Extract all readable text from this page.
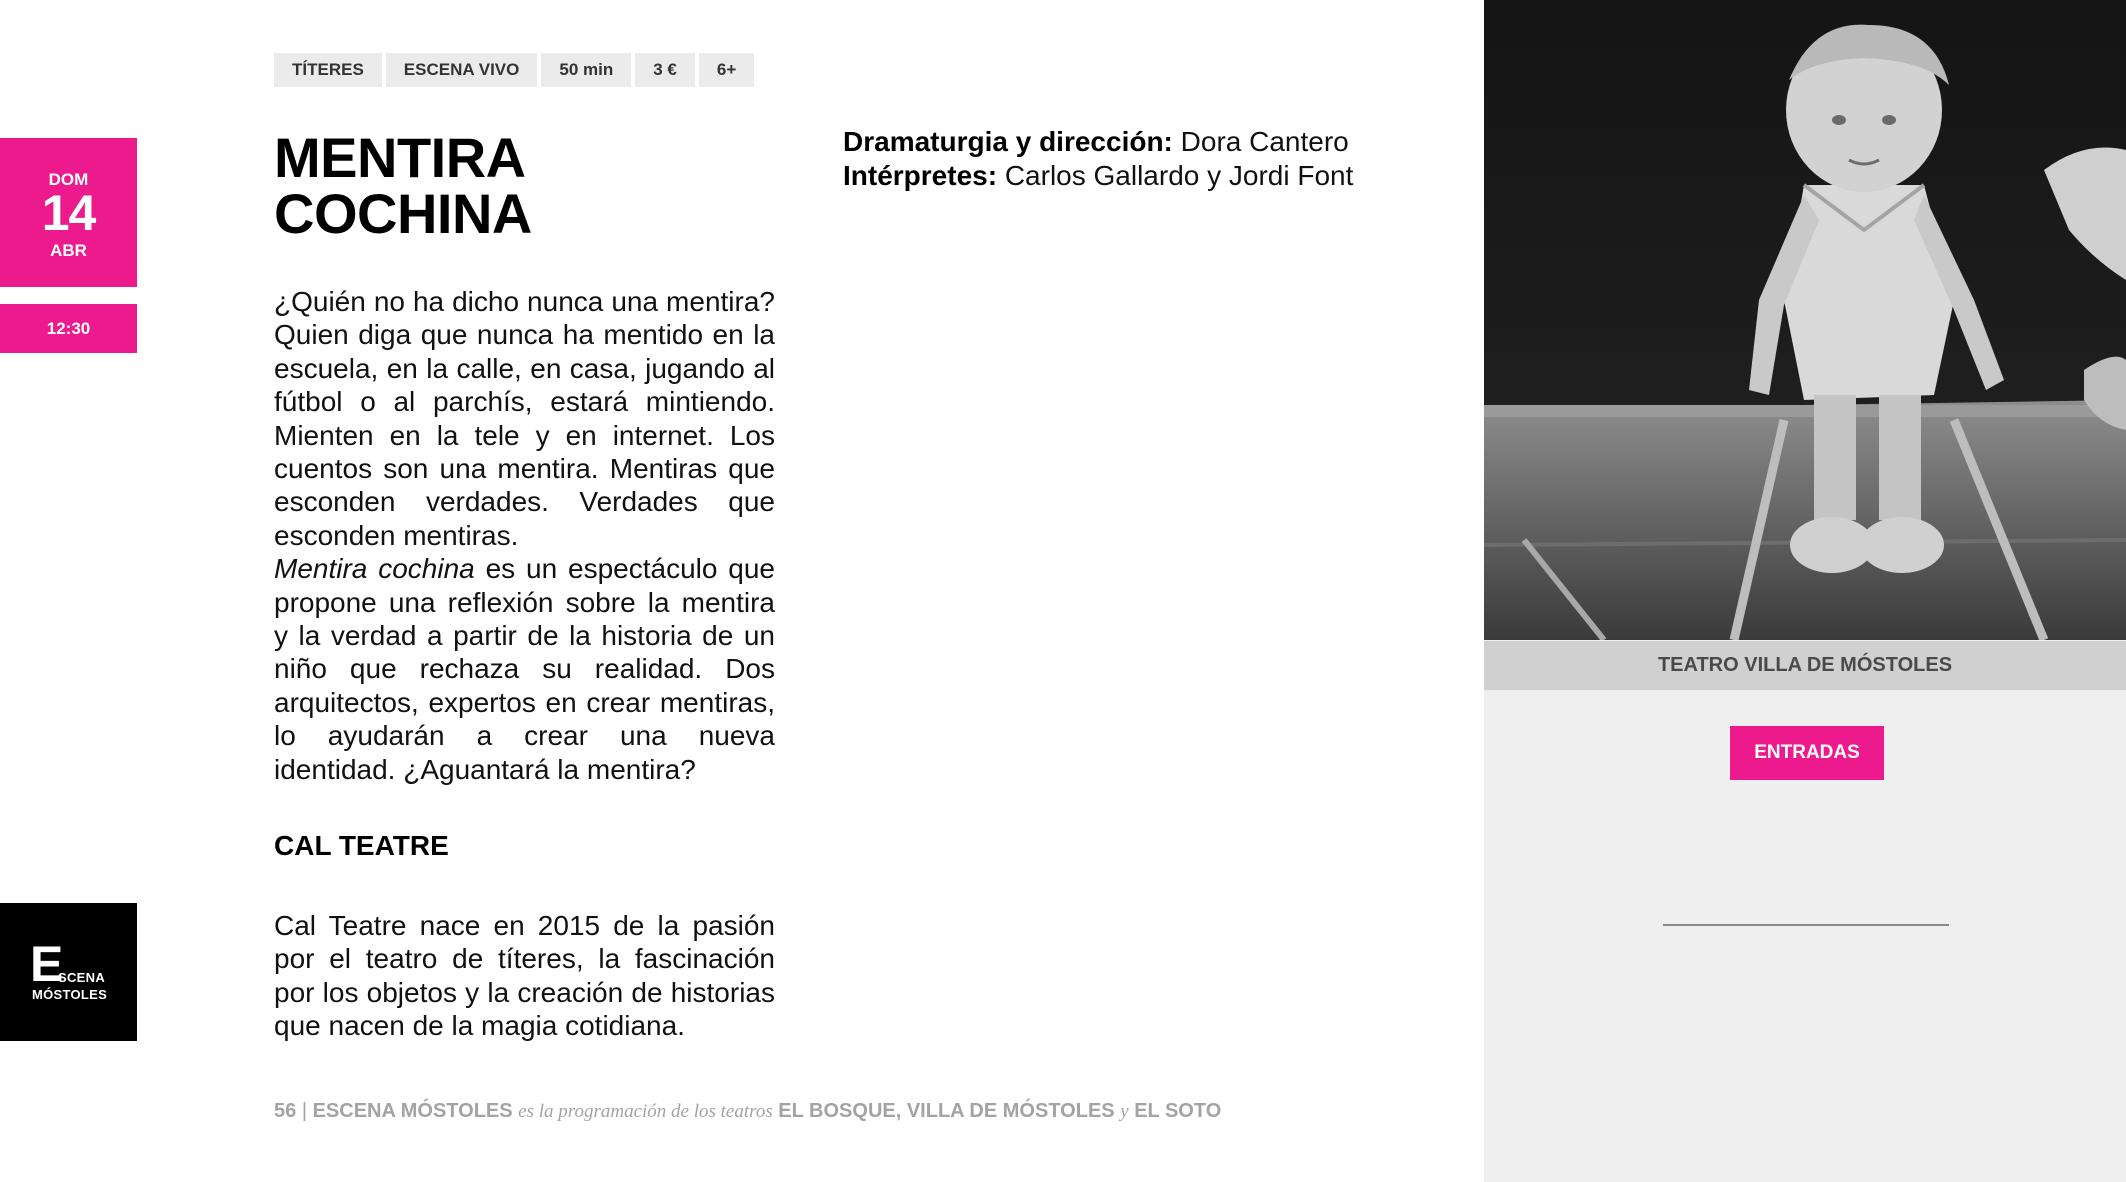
TÍTERES	ESCENA VIVO	50 min	3 €	6+
DOM
14
ABR
12:30
E
SCENA
MÓSTOLES
MENTIRA
COCHINA
Dramaturgia y dirección: Dora Cantero
Intérpretes: Carlos Gallardo y Jordi Font

¿Quién no ha dicho nunca una mentira? Quien diga que nunca ha mentido en la escuela, en la calle, en casa, jugando al fútbol o al parchís, estará mintiendo. Mienten en la tele y en internet. Los cuentos son una mentira. Mentiras que esconden verdades. Verdades que esconden mentiras.

Mentira cochina es un espectáculo que propone una reflexión sobre la mentira y la verdad a partir de la historia de un niño que rechaza su realidad. Dos arquitectos, expertos en crear mentiras, lo ayudarán a crear una nueva identidad. ¿Aguantará la mentira?

CAL TEATRE

Cal Teatre nace en 2015 de la pasión por el teatro de títeres, la fascinación por los objetos y la creación de historias que nacen de la magia cotidiana.

56 | ESCENA MÓSTOLES es la programación de los teatros EL BOSQUE, VILLA DE MÓSTOLES y EL SOTO
TEATRO VILLA DE MÓSTOLES
ENTRADAS
